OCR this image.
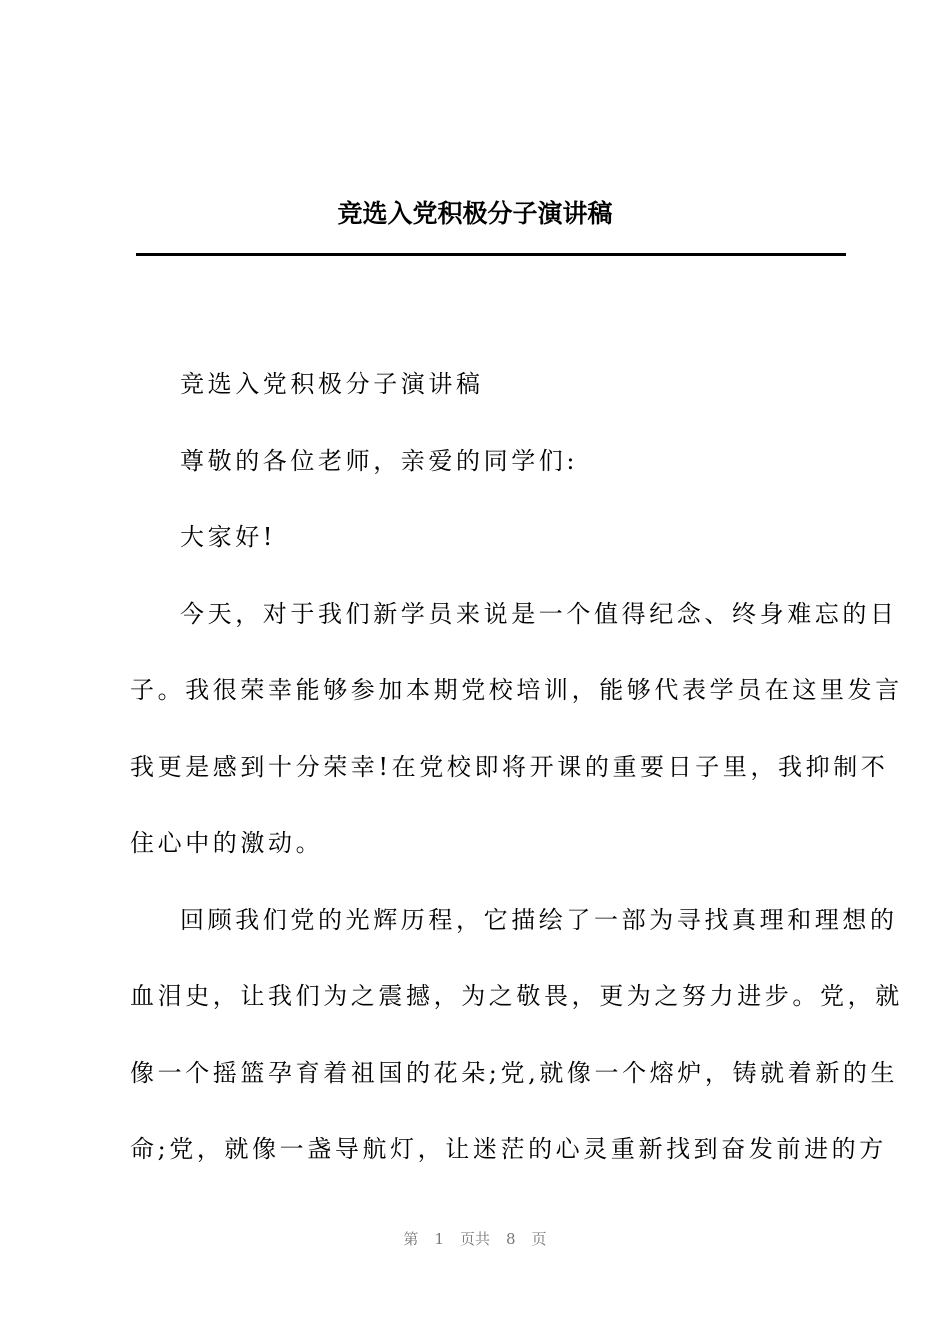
竞选入党积极分子演讲稿

竞选入党积极分子演讲稿

尊敬的各位老师，亲爱的同学们:

大家好!

今天，对于我们新学员来说是一个值得纪念、终身难忘的日
子。我很荣幸能够参加本期党校培训，能够代表学员在这里发言
我更是感到十分荣幸!在党校即将开课的重要日子里，我抑制不
住心中的激动。

回顾我们党的光辉历程，它描绘了一部为寻找真理和理想的
血泪史，让我们为之震撼，为之敬畏，更为之努力进步。党，就
像一个摇篮孕育着祖国的花朵;党,就像一个熔炉，铸就着新的生
命;党，就像一盏导航灯，让迷茫的心灵重新找到奋发前进的方

第 1 页共 8 页
